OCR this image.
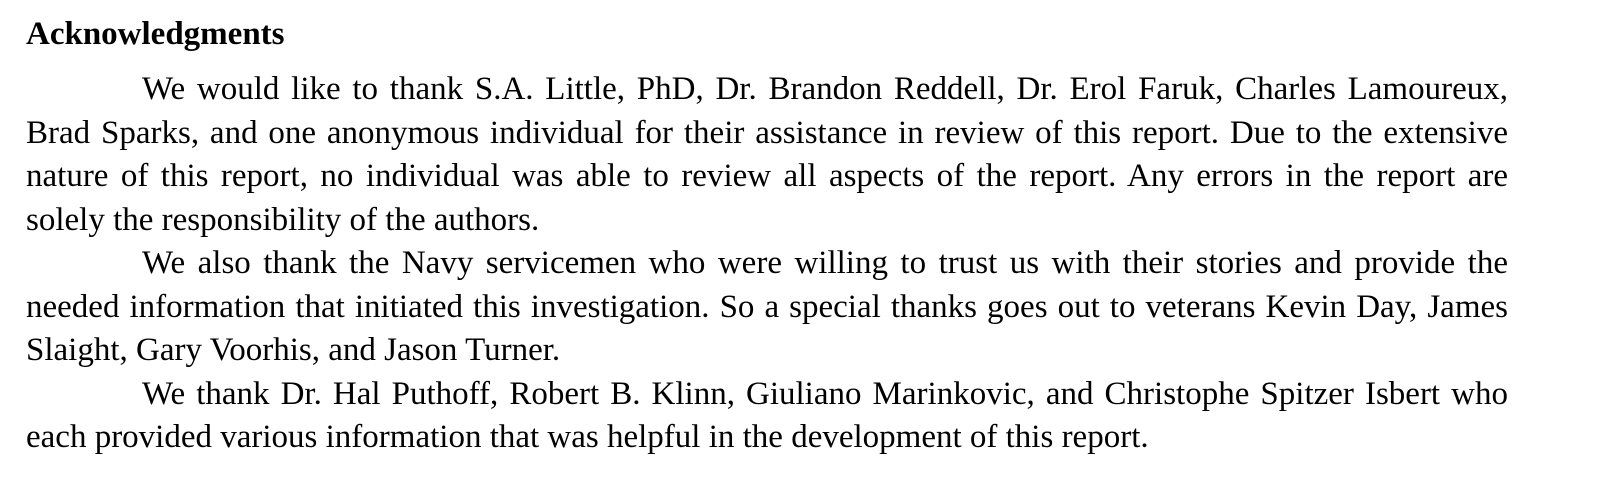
Acknowledgments

We would like to thank S.A. Little, PhD, Dr. Brandon Reddell, Dr. Erol Faruk, Charles Lamoureux, Brad Sparks, and one anonymous individual for their assistance in review of this report. Due to the extensive nature of this report, no individual was able to review all aspects of the report. Any errors in the report are solely the responsibility of the authors.

We also thank the Navy servicemen who were willing to trust us with their stories and provide the needed information that initiated this investigation. So a special thanks goes out to veterans Kevin Day, James Slaight, Gary Voorhis, and Jason Turner.

We thank Dr. Hal Puthoff, Robert B. Klinn, Giuliano Marinkovic, and Christophe Spitzer Isbert who each provided various information that was helpful in the development of this report.
